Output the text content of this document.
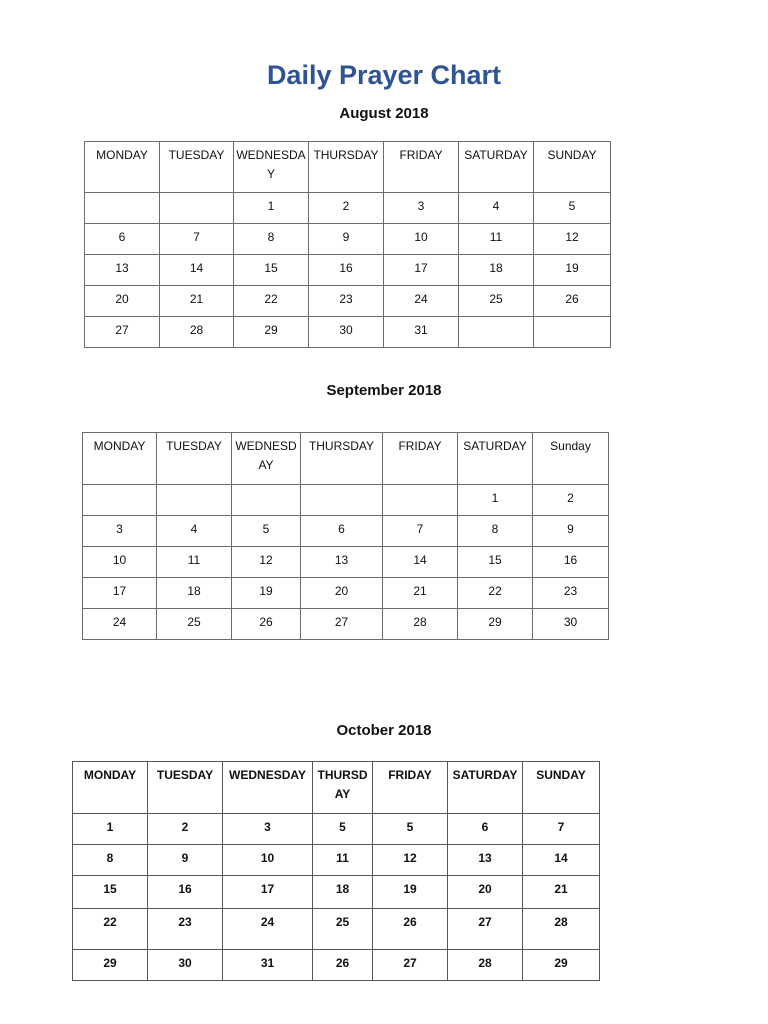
Daily Prayer Chart
August 2018
MONDAY	TUESDAY	WEDNESDAY	THURSDAY	FRIDAY	SATURDAY	SUNDAY
		1	2	3	4	5
6	7	8	9	10	11	12
13	14	15	16	17	18	19
20	21	22	23	24	25	26
27	28	29	30	31		
September 2018
MONDAY	TUESDAY	WEDNESDAY	THURSDAY	FRIDAY	SATURDAY	Sunday
					1	2
3	4	5	6	7	8	9
10	11	12	13	14	15	16
17	18	19	20	21	22	23
24	25	26	27	28	29	30
October 2018
MONDAY	TUESDAY	WEDNESDAY	THURSDAY	FRIDAY	SATURDAY	SUNDAY
1	2	3	5	5	6	7
8	9	10	11	12	13	14
15	16	17	18	19	20	21
22	23	24	25	26	27	28
29	30	31	26	27	28	29
